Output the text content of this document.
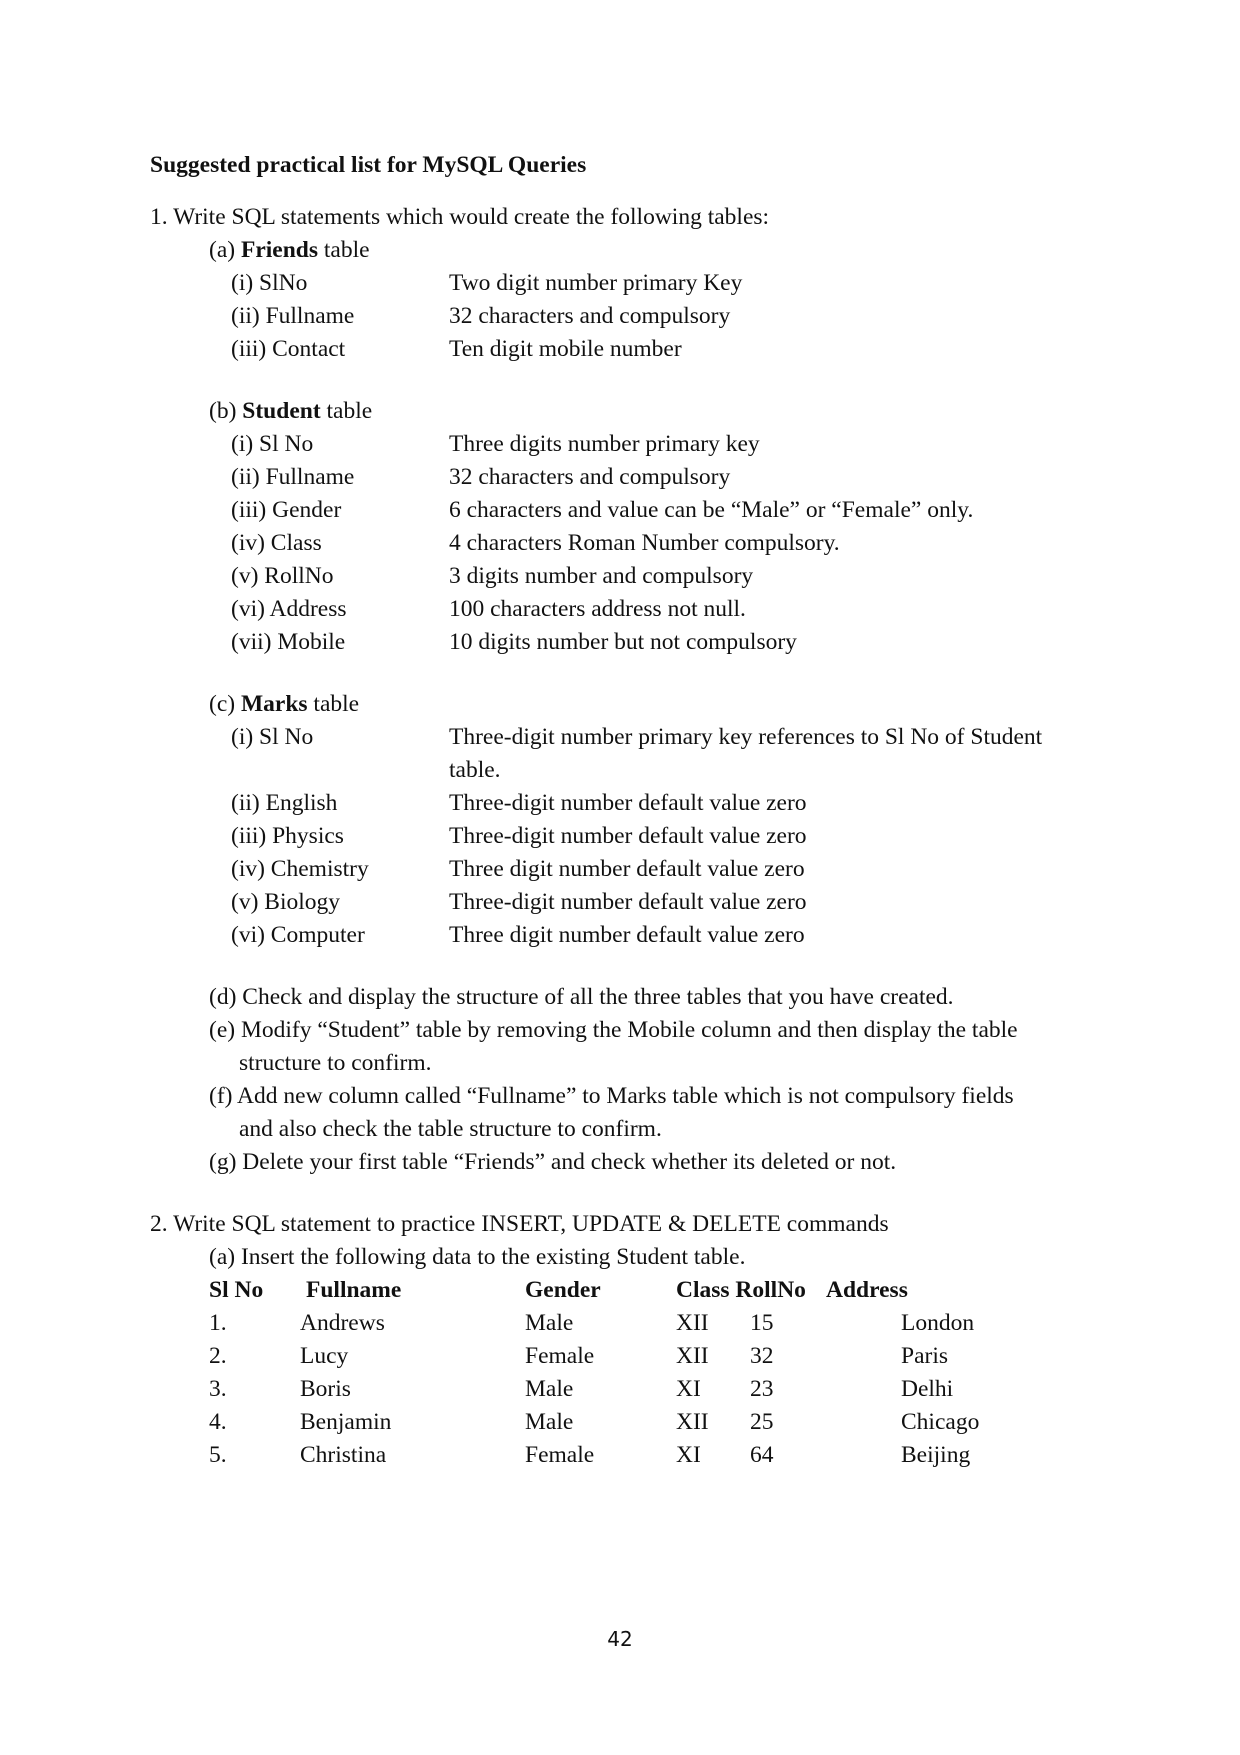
Suggested practical list for MySQL Queries
1. Write SQL statements which would create the following tables:
(a) Friends table
(i) SlNo	Two digit number primary Key
(ii) Fullname	32 characters and compulsory
(iii) Contact	Ten digit mobile number
(b) Student table
(i) Sl No	Three digits number primary key
(ii) Fullname	32 characters and compulsory
(iii) Gender	6 characters and value can be “Male” or “Female” only.
(iv) Class	4 characters Roman Number compulsory.
(v) RollNo	3 digits number and compulsory
(vi) Address	100 characters address not null.
(vii) Mobile	10 digits number but not compulsory
(c) Marks table
(i) Sl No	Three-digit number primary key references to Sl No of Student
table.
(ii) English	Three-digit number default value zero
(iii) Physics	Three-digit number default value zero
(iv) Chemistry	Three digit number default value zero
(v) Biology	Three-digit number default value zero
(vi) Computer	Three digit number default value zero
(d) Check and display the structure of all the three tables that you have created.
(e) Modify “Student” table by removing the Mobile column and then display the table
structure to confirm.
(f) Add new column called “Fullname” to Marks table which is not compulsory fields
and also check the table structure to confirm.
(g) Delete your first table “Friends” and check whether its deleted or not.
2. Write SQL statement to practice INSERT, UPDATE & DELETE commands
(a) Insert the following data to the existing Student table.
Sl No Fullname	Gender	Class RollNo Address
1.	Andrews	Male	XII 15	London
2.	Lucy	Female	XII 32	Paris
3.	Boris	Male	XI 23	Delhi
4.	Benjamin	Male	XII 25	Chicago
5.	Christina	Female	XI 64	Beijing
42
